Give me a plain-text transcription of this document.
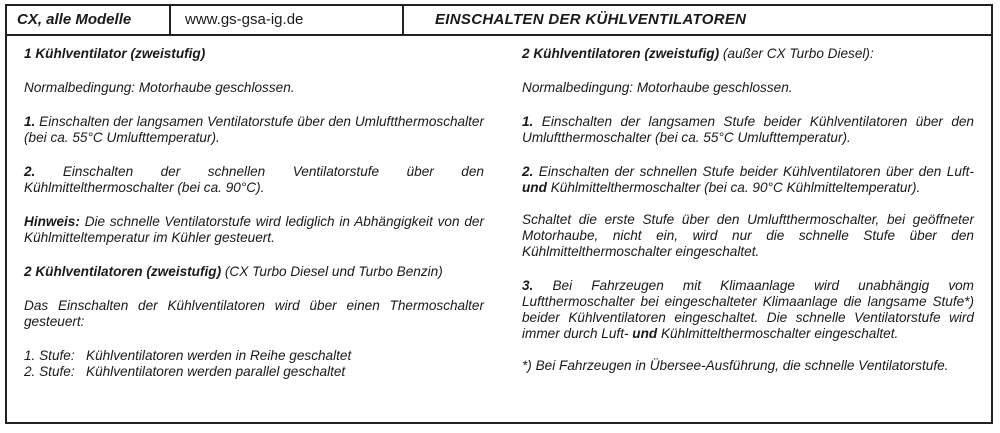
CX, alle Modelle	www.gs-gsa-ig.de	EINSCHALTEN DER KÜHLVENTILATOREN

1 Kühlventilator (zweistufig)

Normalbedingung: Motorhaube geschlossen.

1. Einschalten der langsamen Ventilatorstufe über den Umluftthermoschalter (bei ca. 55°C Umlufttemperatur).

2. Einschalten der schnellen Ventilatorstufe über den Kühlmittelthermoschalter (bei ca. 90°C).

Hinweis: Die schnelle Ventilatorstufe wird lediglich in Abhängigkeit von der Kühlmitteltemperatur im Kühler gesteuert.

2 Kühlventilatoren (zweistufig) (CX Turbo Diesel und Turbo Benzin)

Das Einschalten der Kühlventilatoren wird über einen Thermoschalter gesteuert:

1. Stufe: Kühlventilatoren werden in Reihe geschaltet
2. Stufe: Kühlventilatoren werden parallel geschaltet

2 Kühlventilatoren (zweistufig) (außer CX Turbo Diesel):

Normalbedingung: Motorhaube geschlossen.

1. Einschalten der langsamen Stufe beider Kühlventilatoren über den Umluftthermoschalter (bei ca. 55°C Umlufttemperatur).

2. Einschalten der schnellen Stufe beider Kühlventilatoren über den Luft- und Kühlmittelthermoschalter (bei ca. 90°C Kühlmitteltemperatur).

Schaltet die erste Stufe über den Umluftthermoschalter, bei geöffneter Motorhaube, nicht ein, wird nur die schnelle Stufe über den Kühlmittelthermoschalter eingeschaltet.

3. Bei Fahrzeugen mit Klimaanlage wird unabhängig vom Luftthermoschalter bei eingeschalteter Klimaanlage die langsame Stufe*) beider Kühlventilatoren eingeschaltet. Die schnelle Ventilatorstufe wird immer durch Luft- und Kühlmittelthermoschalter eingeschaltet.

*) Bei Fahrzeugen in Übersee-Ausführung, die schnelle Ventilatorstufe.
